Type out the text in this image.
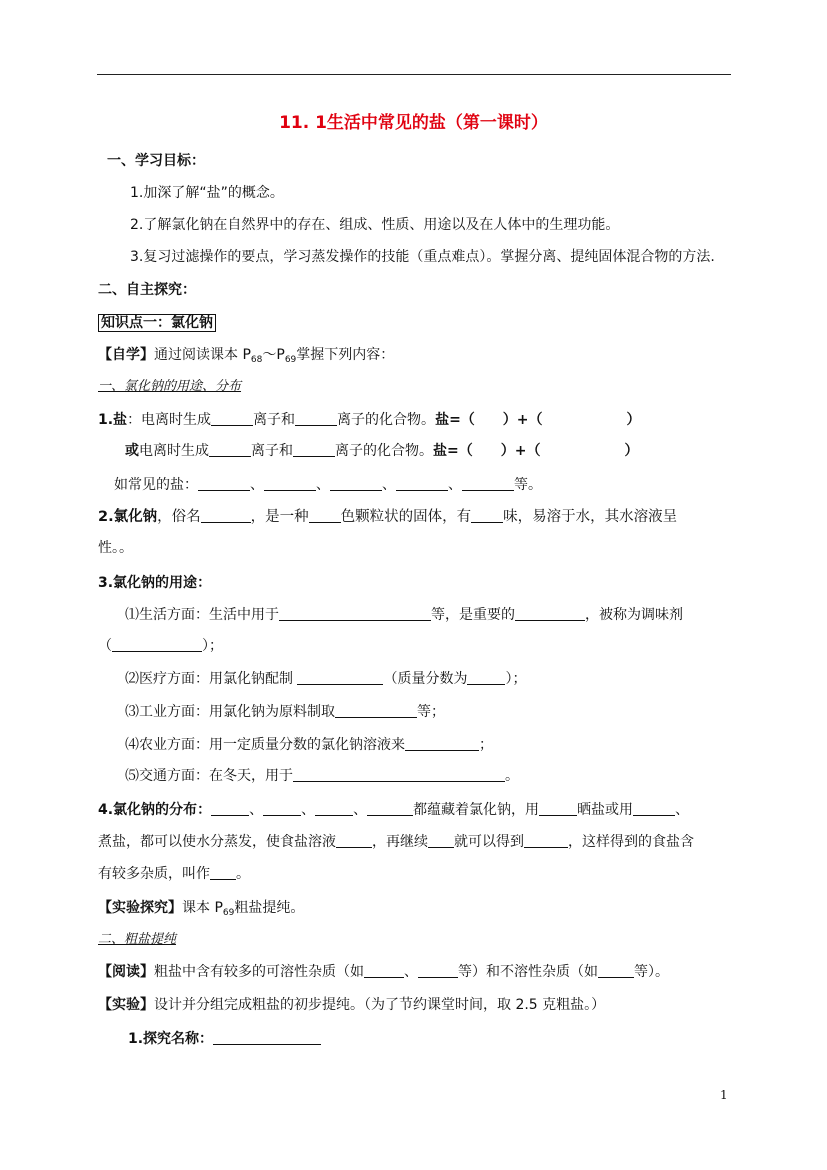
11. 1生活中常见的盐（第一课时）
一、学习目标：
1.加深了解“盐”的概念。
2.了解氯化钠在自然界中的存在、组成、性质、用途以及在人体中的生理功能。
3.复习过滤操作的要点，学习蒸发操作的技能（重点难点）。掌握分离、提纯固体混合物的方法.
二、自主探究：
知识点一：氯化钠
【自学】通过阅读课本 $P_{68}\sim P_{69}$掌握下列内容：
一、氯化钠的用途、分布
1.盐：电离时生成	离子和	离子的化合物。盐=（　　）+（　　　　　　）
或电离时生成	离子和	离子的化合物。盐=（　　）+（　　　　　　）
如常见的盐：	、	、	、	、	等。
2.氯化钠，俗名	，是一种 色颗粒状的固体，有 味，易溶于水，其水溶液呈
性。。
3.氯化钠的用途：
⑴生活方面：生活中用于	等，是重要的	，被称为调味剂
（	）；
⑵医疗方面：用氯化钠配制	（质量分数为	）；
⑶工业方面：用氯化钠为原料制取	等；
⑷农业方面：用一定质量分数的氯化钠溶液来	；
⑸交通方面：在冬天，用于	。
4.氯化钠的分布：	、	、	、	都蕴藏着氯化钠，用	晒盐或用	、
煮盐，都可以使水分蒸发，使食盐溶液	，再继续 就可以得到	，这样得到的食盐含
有较多杂质，叫作 。
【实验探究】课本 $P_{69}$粗盐提纯。
二、粗盐提纯
【阅读】粗盐中含有较多的可溶性杂质（如	、	等）和不溶性杂质（如	等）。
【实验】设计并分组完成粗盐的初步提纯。（为了节约课堂时间，取 2.5 克粗盐。）
1.探究名称：
1
